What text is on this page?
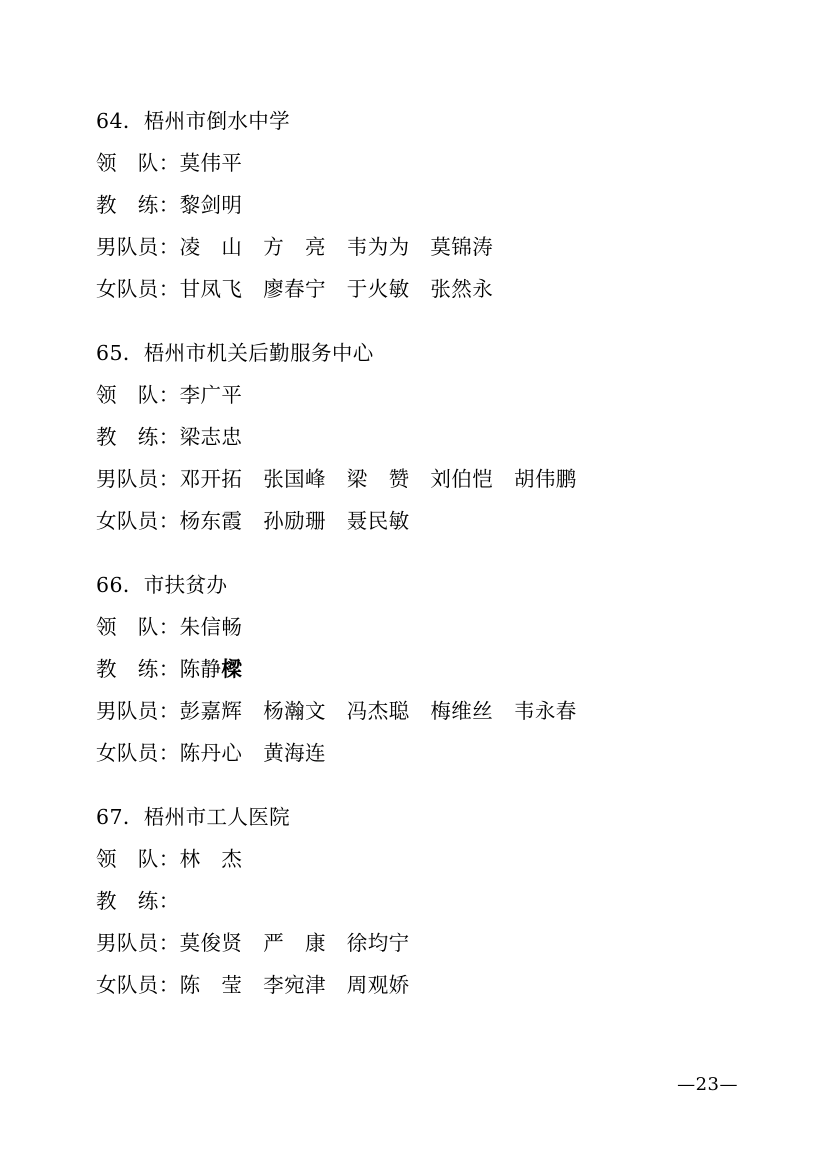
64．梧州市倒水中学
领　队：莫伟平
教　练：黎剑明
男队员：凌　山　方　亮　韦为为　莫锦涛
女队员：甘凤飞　廖春宁　于火敏　张然永
65．梧州市机关后勤服务中心
领　队：李广平
教　练：梁志忠
男队员：邓开拓　张国峰　梁　赞　刘伯恺　胡伟鹏
女队员：杨东霞　孙励珊　聂民敏
66．市扶贫办
领　队：朱信畅
教　练：陈静樑
男队员：彭嘉辉　杨瀚文　冯杰聪　梅维丝　韦永春
女队员：陈丹心　黄海连
67．梧州市工人医院
领　队：林　杰
教　练：
男队员：莫俊贤　严　康　徐均宁
女队员：陈　莹　李宛津　周观娇
—23—
